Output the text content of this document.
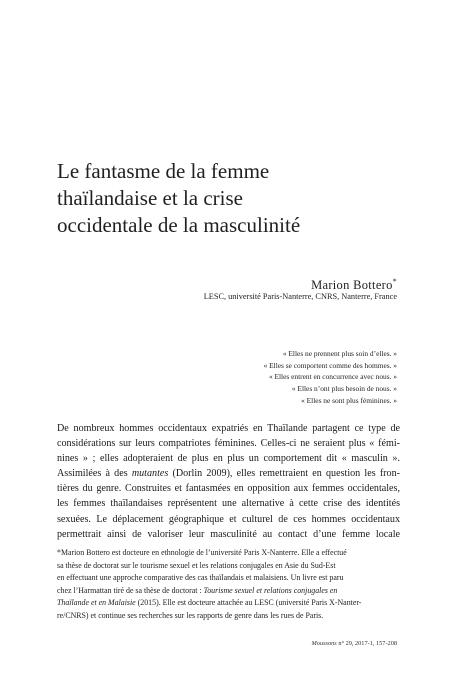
Le fantasme de la femme
thaïlandaise et la crise
occidentale de la masculinité
Marion Bottero*
LESC, université Paris-Nanterre, CNRS, Nanterre, France
« Elles ne prennent plus soin d’elles. »
« Elles se comportent comme des hommes. »
« Elles entrent en concurrence avec nous. »
« Elles n’ont plus besoin de nous. »
« Elles ne sont plus féminines. »
De nombreux hommes occidentaux expatriés en Thaïlande partagent ce type de
considérations sur leurs compatriotes féminines. Celles-ci ne seraient plus « fémi-
nines » ; elles adopteraient de plus en plus un comportement dit « masculin ».
Assimilées à des mutantes (Dorlin 2009), elles remettraient en question les fron-
tières du genre. Construites et fantasmées en opposition aux femmes occidentales,
les femmes thaïlandaises représentent une alternative à cette crise des identités
sexuées. Le déplacement géographique et culturel de ces hommes occidentaux
permettrait ainsi de valoriser leur masculinité au contact d’une femme locale
*Marion Bottero est docteure en ethnologie de l’université Paris X-Nanterre. Elle a effectué
sa thèse de doctorat sur le tourisme sexuel et les relations conjugales en Asie du Sud-Est
en effectuant une approche comparative des cas thaïlandais et malaisiens. Un livre est paru
chez l’Harmattan tiré de sa thèse de doctorat : Tourisme sexuel et relations conjugales en
Thaïlande et en Malaisie (2015). Elle est docteure attachée au LESC (université Paris X-Nanter-
re/CNRS) et continue ses recherches sur les rapports de genre dans les rues de Paris.
Moussons n° 29, 2017-1, 157-208
